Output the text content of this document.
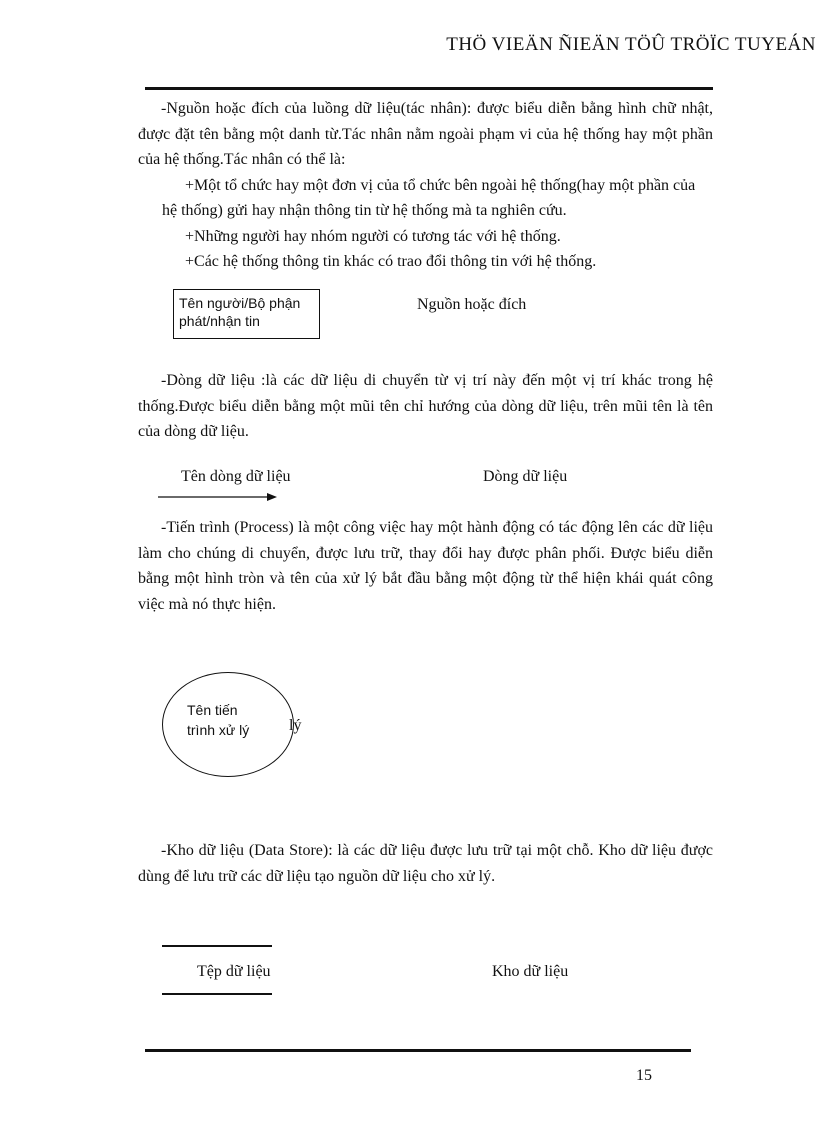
THÖ VIEÄN ÑIEÄN TÖÛ TRÖÏC TUYEÁN

-Nguồn hoặc đích của luồng dữ liệu(tác nhân): được biểu diễn bằng hình chữ nhật, được đặt tên bằng một danh từ.Tác nhân nằm ngoài phạm vi của hệ thống hay một phần của hệ thống.Tác nhân có thể là:

+Một tổ chức hay một đơn vị của tổ chức bên ngoài hệ thống(hay một phần của hệ thống) gửi hay nhận thông tin từ hệ thống mà ta nghiên cứu.

+Những người hay nhóm người có tương tác với hệ thống.

+Các hệ thống thông tin khác có trao đổi thông tin với hệ thống.

Tên người/Bộ phận
phát/nhận tin
Nguồn hoặc đích

-Dòng dữ liệu :là các dữ liệu di chuyển từ vị trí này đến một vị trí khác trong hệ thống.Được biểu diễn bằng một mũi tên chỉ hướng của dòng dữ liệu, trên mũi tên là tên của dòng dữ liệu.

Tên dòng dữ liệu	Dòng dữ liệu

-Tiến trình (Process) là một công việc hay một hành động có tác động lên các dữ liệu làm cho chúng di chuyển, được lưu trữ, thay đổi hay được phân phối. Được biểu diễn bằng một hình tròn và tên của xử lý bắt đầu bằng một động từ thể hiện khái quát công việc mà nó thực hiện.

Tên tiến
trình xử lý lý

-Kho dữ liệu (Data Store): là các dữ liệu được lưu trữ tại một chỗ. Kho dữ liệu được dùng để lưu trữ các dữ liệu tạo nguồn dữ liệu cho xử lý.

Tệp dữ liệu	Kho dữ liệu
15
